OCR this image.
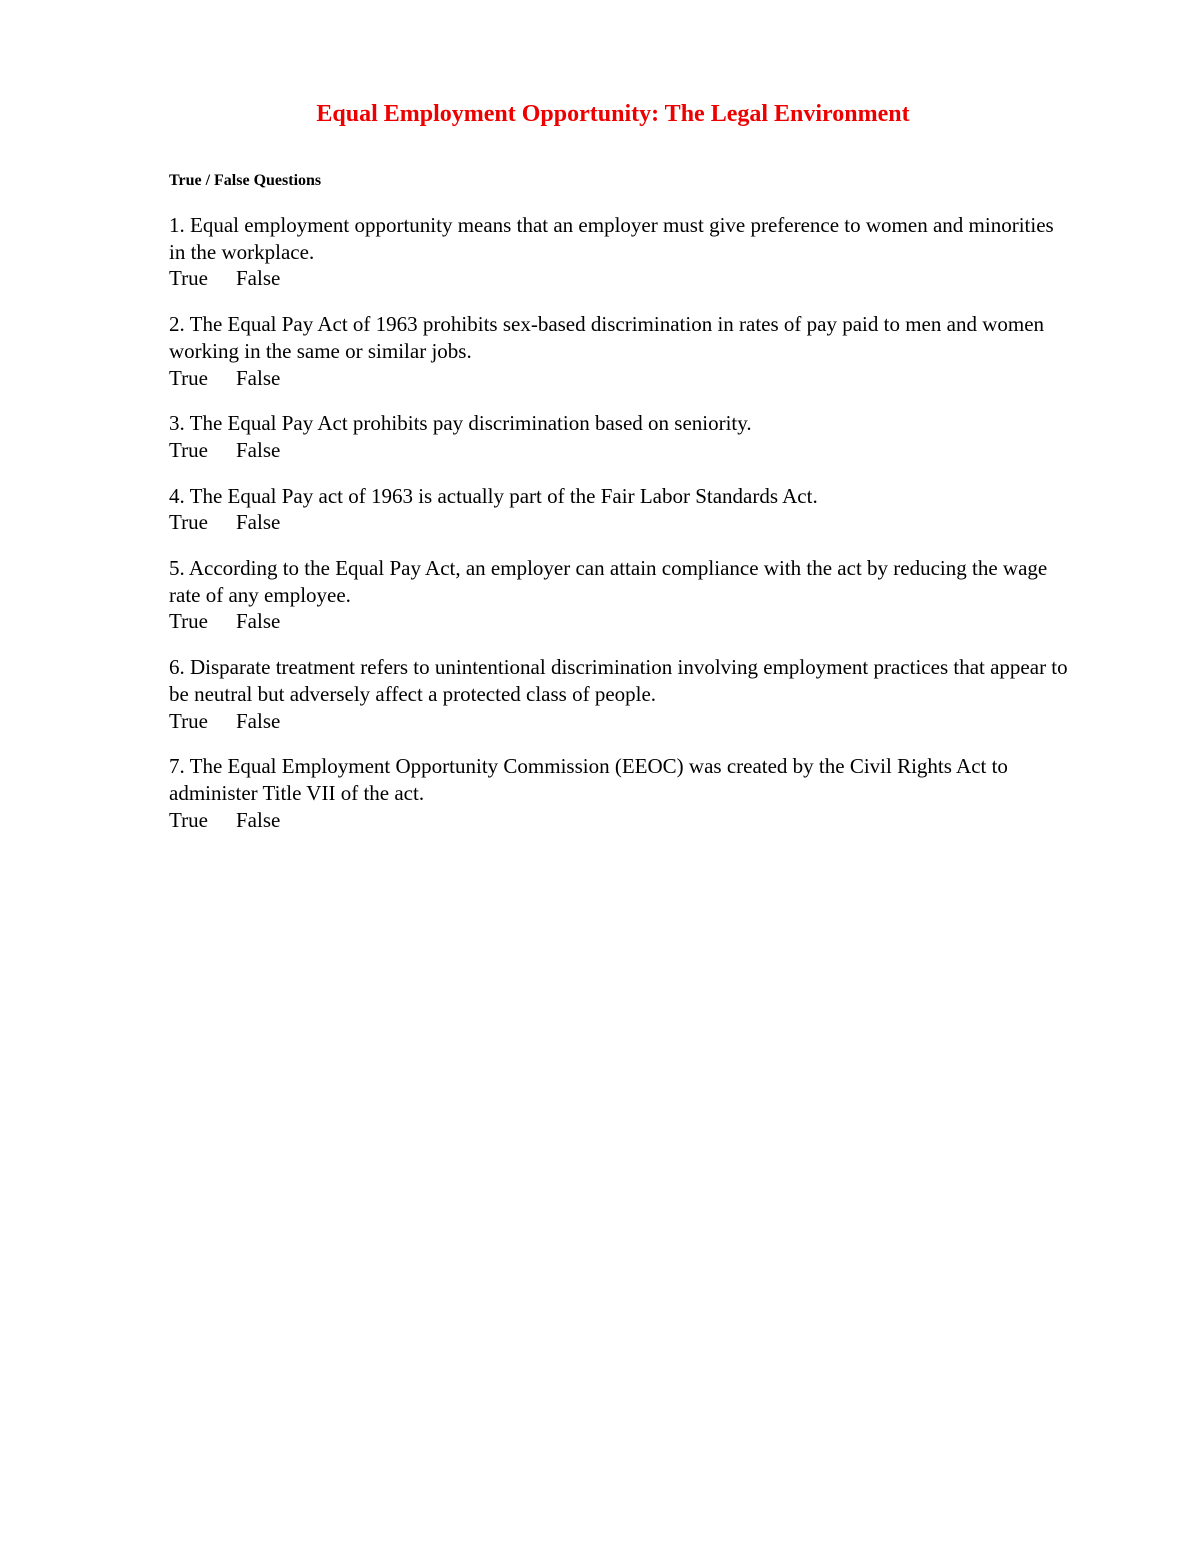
Equal Employment Opportunity: The Legal Environment
True / False Questions

1. Equal employment opportunity means that an employer must give preference to women and minorities in the workplace.

True False

2. The Equal Pay Act of 1963 prohibits sex-based discrimination in rates of pay paid to men and women working in the same or similar jobs.

True False

3. The Equal Pay Act prohibits pay discrimination based on seniority.

True False

4. The Equal Pay act of 1963 is actually part of the Fair Labor Standards Act.

True False

5. According to the Equal Pay Act, an employer can attain compliance with the act by reducing the wage rate of any employee.

True False

6. Disparate treatment refers to unintentional discrimination involving employment practices that appear to be neutral but adversely affect a protected class of people.

True False

7. The Equal Employment Opportunity Commission (EEOC) was created by the Civil Rights Act to administer Title VII of the act.

True False
